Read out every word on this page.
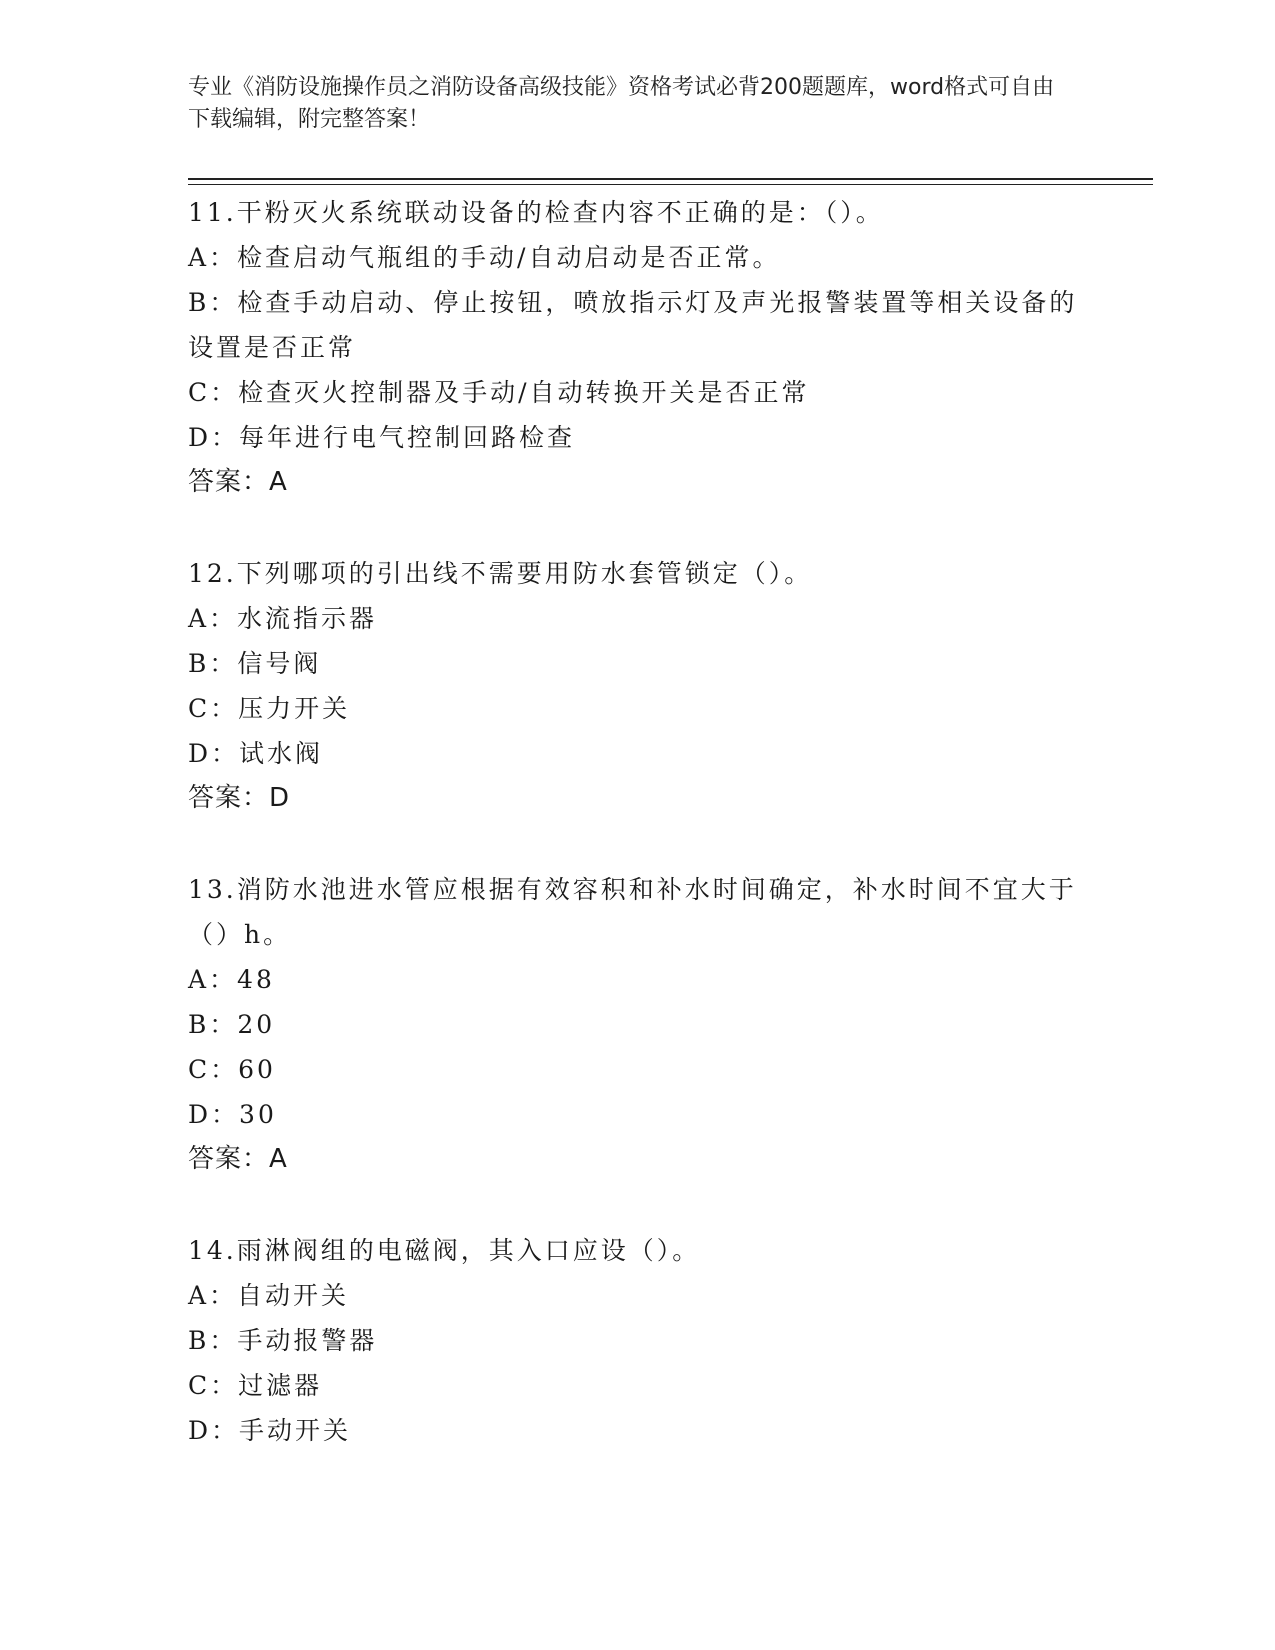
专业《消防设施操作员之消防设备高级技能》资格考试必背200题题库，word格式可自由下载编辑，附完整答案！
11.干粉灭火系统联动设备的检查内容不正确的是：（）。
A：检查启动气瓶组的手动/自动启动是否正常。
B：检查手动启动、停止按钮，喷放指示灯及声光报警装置等相关设备的设置是否正常
C：检查灭火控制器及手动/自动转换开关是否正常
D：每年进行电气控制回路检查
答案：A
12.下列哪项的引出线不需要用防水套管锁定（）。
A：水流指示器
B：信号阀
C：压力开关
D：试水阀
答案：D
13.消防水池进水管应根据有效容积和补水时间确定，补水时间不宜大于（）h。
A：48
B：20
C：60
D：30
答案：A
14.雨淋阀组的电磁阀，其入口应设（）。
A：自动开关
B：手动报警器
C：过滤器
D：手动开关
